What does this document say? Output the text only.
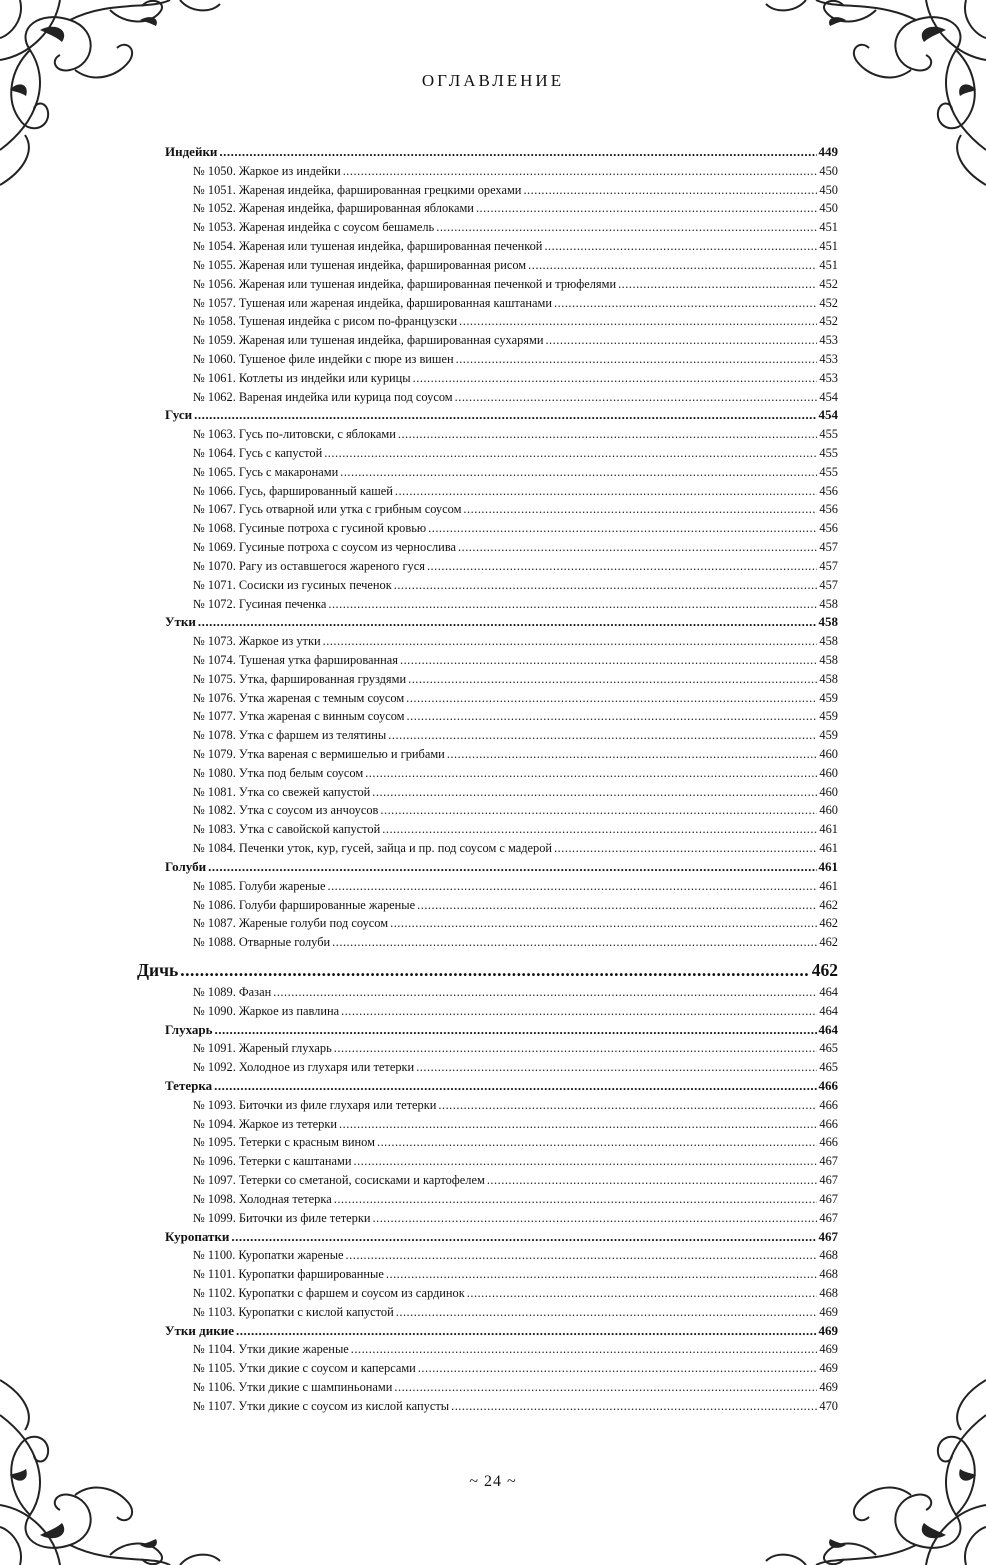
ОГЛАВЛЕНИЕ
Индейки .....	449
№ 1050. Жаркое из индейки .....	450
№ 1051. Жареная индейка, фаршированная грецкими орехами .....	450
№ 1052. Жареная индейка, фаршированная яблоками .....	450
№ 1053. Жареная индейка с соусом бешамель .....	451
№ 1054. Жареная или тушеная индейка, фаршированная печенкой .....	451
№ 1055. Жареная или тушеная индейка, фаршированная рисом .....	451
№ 1056. Жареная или тушеная индейка, фаршированная печенкой и трюфелями .....	452
№ 1057. Тушеная или жареная индейка, фаршированная каштанами .....	452
№ 1058. Тушеная индейка с рисом по-французски .....	452
№ 1059. Жареная или тушеная индейка, фаршированная сухарями .....	453
№ 1060. Тушеное филе индейки с пюре из вишен .....	453
№ 1061. Котлеты из индейки или курицы .....	453
№ 1062. Вареная индейка или курица под соусом .....	454
Гуси .....	454
№ 1063. Гусь по-литовски, с яблоками .....	455
№ 1064. Гусь с капустой .....	455
№ 1065. Гусь с макаронами .....	455
№ 1066. Гусь, фаршированный кашей .....	456
№ 1067. Гусь отварной или утка с грибным соусом .....	456
№ 1068. Гусиные потроха с гусиной кровью .....	456
№ 1069. Гусиные потроха с соусом из чернослива .....	457
№ 1070. Рагу из оставшегося жареного гуся .....	457
№ 1071. Сосиски из гусиных печенок .....	457
№ 1072. Гусиная печенка .....	458
Утки .....	458
№ 1073. Жаркое из утки .....	458
№ 1074. Тушеная утка фаршированная .....	458
№ 1075. Утка, фаршированная груздями .....	458
№ 1076. Утка жареная с темным соусом .....	459
№ 1077. Утка жареная с винным соусом .....	459
№ 1078. Утка с фаршем из телятины .....	459
№ 1079. Утка вареная с вермишелью и грибами .....	460
№ 1080. Утка под белым соусом .....	460
№ 1081. Утка со свежей капустой .....	460
№ 1082. Утка с соусом из анчоусов .....	460
№ 1083. Утка с савойской капустой .....	461
№ 1084. Печенки уток, кур, гусей, зайца и пр. под соусом с мадерой .....	461
Голуби .....	461
№ 1085. Голуби жареные .....	461
№ 1086. Голуби фаршированные жареные .....	462
№ 1087. Жареные голуби под соусом .....	462
№ 1088. Отварные голуби .....	462
Дичь .....	462
№ 1089. Фазан .....	464
№ 1090. Жаркое из павлина .....	464
Глухарь .....	464
№ 1091. Жареный глухарь .....	465
№ 1092. Холодное из глухаря или тетерки .....	465
Тетерка .....	466
№ 1093. Биточки из филе глухаря или тетерки .....	466
№ 1094. Жаркое из тетерки .....	466
№ 1095. Тетерки с красным вином .....	466
№ 1096. Тетерки с каштанами .....	467
№ 1097. Тетерки со сметаной, сосисками и картофелем .....	467
№ 1098. Холодная тетерка .....	467
№ 1099. Биточки из филе тетерки .....	467
Куропатки .....	467
№ 1100. Куропатки жареные .....	468
№ 1101. Куропатки фаршированные .....	468
№ 1102. Куропатки с фаршем и соусом из сардинок .....	468
№ 1103. Куропатки с кислой капустой .....	469
Утки дикие .....	469
№ 1104. Утки дикие жареные .....	469
№ 1105. Утки дикие с соусом и каперсами .....	469
№ 1106. Утки дикие с шампиньонами .....	469
№ 1107. Утки дикие с соусом из кислой капусты .....	470
~ 24 ~
